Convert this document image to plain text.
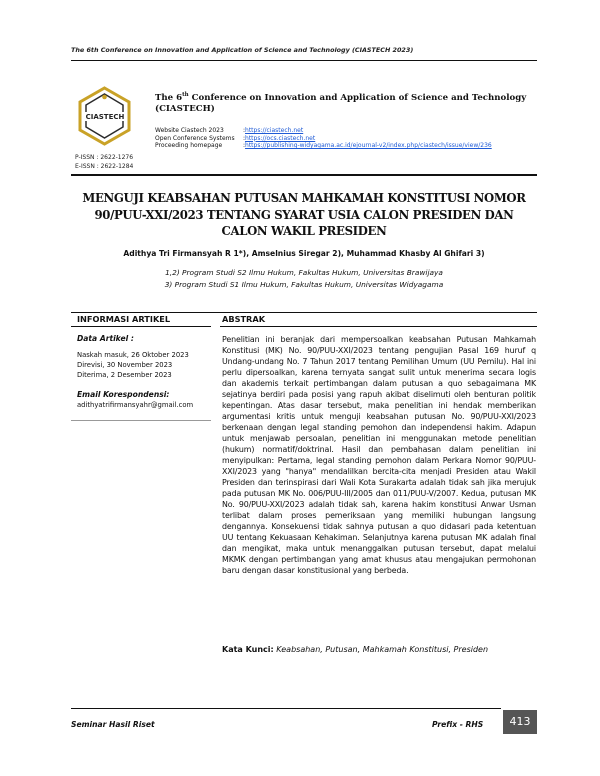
The 6th Conference on Innovation and Application of Science and Technology (CIASTECH 2023)
CIASTECH
P-ISSN : 2622-1276
E-ISSN : 2622-1284
The 6th Conference on Innovation and Application of Science and Technology (CIASTECH)
Website Ciastech 2023	: https://ciastech.net
Open Conference Systems	: https://ocs.ciastech.net
Proceeding homepage	: https://publishing-widyagama.ac.id/ejournal-v2/index.php/ciastech/issue/view/236
MENGUJI KEABSAHAN PUTUSAN MAHKAMAH KONSTITUSI NOMOR 90/PUU-XXI/2023 TENTANG SYARAT USIA CALON PRESIDEN DAN CALON WAKIL PRESIDEN
Adithya Tri Firmansyah R 1*), Amselnius Siregar 2), Muhammad Khasby Al Ghifari 3)
1,2) Program Studi S2 Ilmu Hukum, Fakultas Hukum, Universitas Brawijaya
3) Program Studi S1 Ilmu Hukum, Fakultas Hukum, Universitas Widyagama
INFORMASI ARTIKEL	ABSTRAK
Data Artikel :
Naskah masuk, 26 Oktober 2023
Direvisi, 30 November 2023
Diterima, 2 Desember 2023
Email Korespondensi:
adithyatrifirmansyahr@gmail.com

Penelitian ini beranjak dari mempersoalkan keabsahan Putusan Mahkamah Konstitusi (MK) No. 90/PUU-XXI/2023 tentang pengujian Pasal 169 huruf q Undang-undang No. 7 Tahun 2017 tentang Pemilihan Umum (UU Pemilu). Hal ini perlu dipersoalkan, karena ternyata sangat sulit untuk menerima secara logis dan akademis terkait pertimbangan dalam putusan a quo sebagaimana MK sejatinya berdiri pada posisi yang rapuh akibat diselimuti oleh benturan politik kepentingan. Atas dasar tersebut, maka penelitian ini hendak memberikan argumentasi kritis untuk menguji keabsahan putusan No. 90/PUU-XXI/2023 berkenaan dengan legal standing pemohon dan independensi hakim. Adapun untuk menjawab persoalan, penelitian ini menggunakan metode penelitian (hukum) normatif/doktrinal. Hasil dan pembahasan dalam penelitian ini menyipulkan: Pertama, legal standing pemohon dalam Perkara Nomor 90/PUU-XXI/2023 yang "hanya" mendalilkan bercita-cita menjadi Presiden atau Wakil Presiden dan terinspirasi dari Wali Kota Surakarta adalah tidak sah jika merujuk pada putusan MK No. 006/PUU-III/2005 dan 011/PUU-V/2007. Kedua, putusan MK No. 90/PUU-XXI/2023 adalah tidak sah, karena hakim konstitusi Anwar Usman terlibat dalam proses pemeriksaan yang memiliki hubungan langsung dengannya. Konsekuensi tidak sahnya putusan a quo didasari pada ketentuan UU tentang Kekuasaan Kehakiman. Selanjutnya karena putusan MK adalah final dan mengikat, maka untuk menanggalkan putusan tersebut, dapat melalui MKMK dengan pertimbangan yang amat khusus atau mengajukan permohonan baru dengan dasar konstitusional yang berbeda.

Kata Kunci: Keabsahan, Putusan, Mahkamah Konstitusi, Presiden
Seminar Hasil Riset	Prefix - RHS	413
